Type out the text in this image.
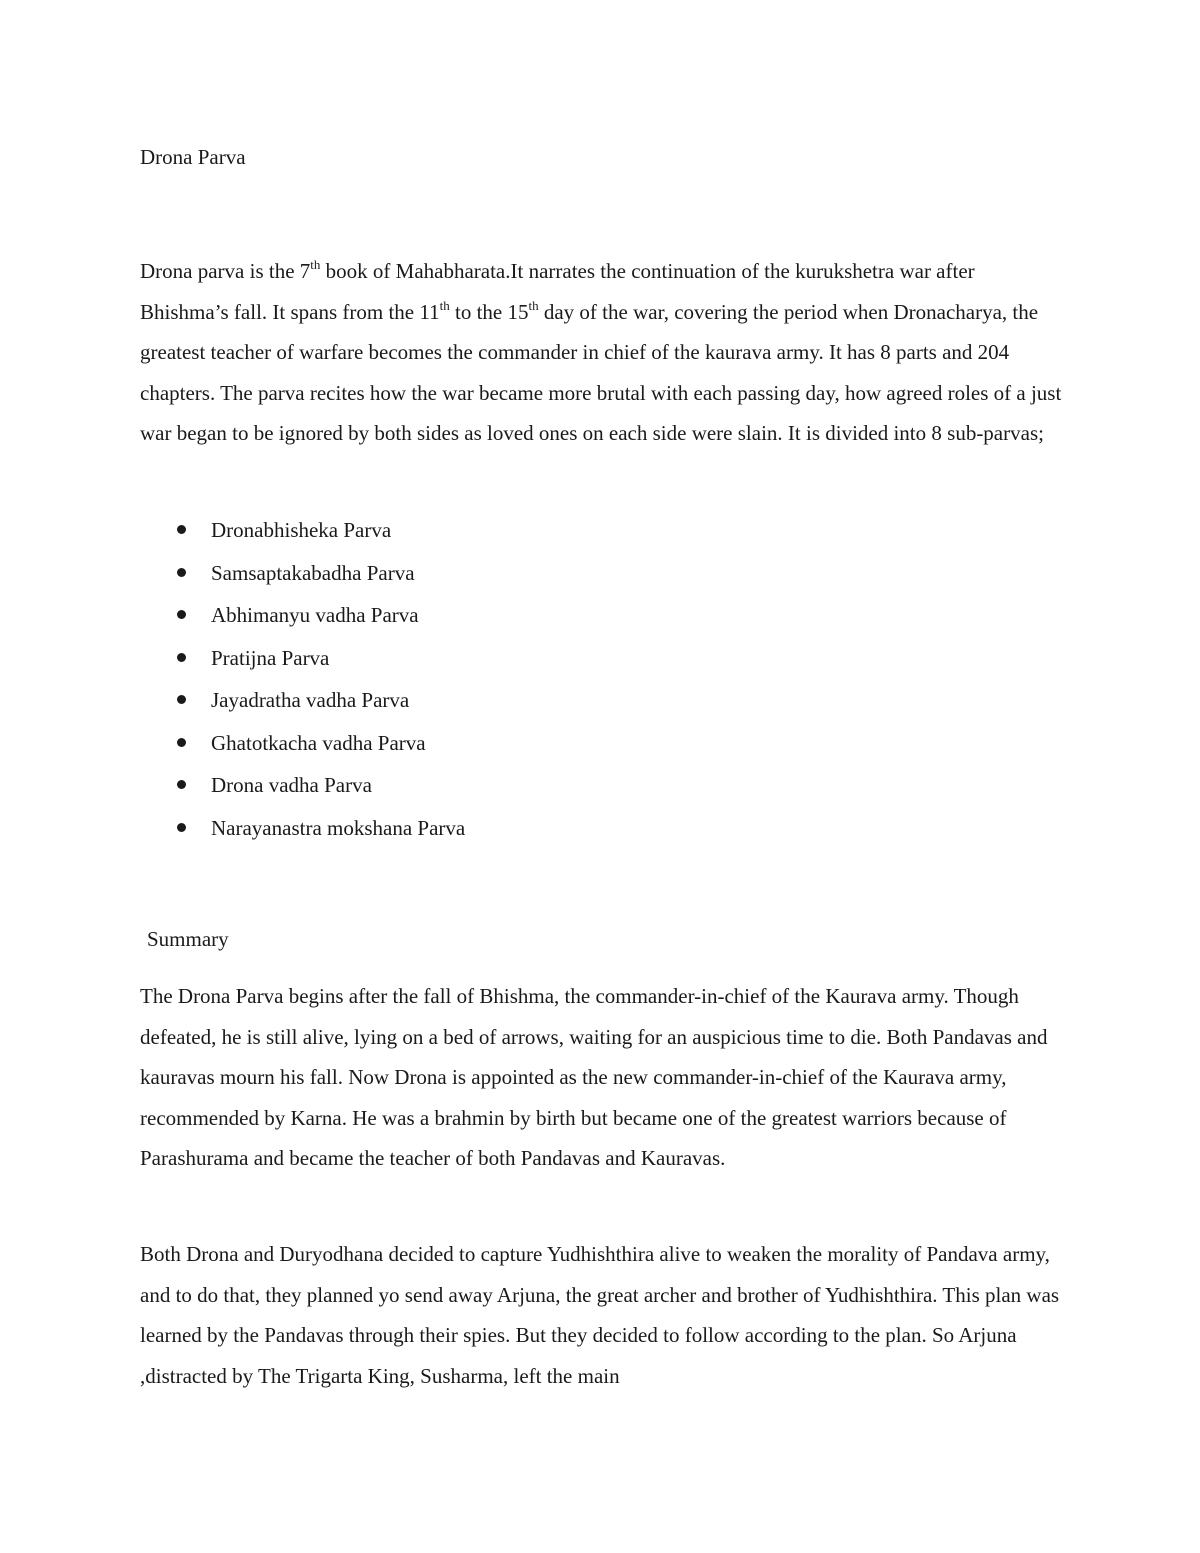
Drona Parva

Drona parva is the 7th book of Mahabharata.It narrates the continuation of the kurukshetra war after Bhishma’s fall. It spans from the 11th to the 15th day of the war, covering the period when Dronacharya, the greatest teacher of warfare becomes the commander in chief of the kaurava army. It has 8 parts and 204 chapters. The parva recites how the war became more brutal with each passing day, how agreed roles of a just war began to be ignored by both sides as loved ones on each side were slain. It is divided into 8 sub-parvas;

Dronabhisheka Parva
Samsaptakabadha Parva
Abhimanyu vadha Parva
Pratijna Parva
Jayadratha vadha Parva
Ghatotkacha vadha Parva
Drona vadha Parva
Narayanastra mokshana Parva
Summary

The Drona Parva begins after the fall of Bhishma, the commander-in-chief of the Kaurava army. Though defeated, he is still alive, lying on a bed of arrows, waiting for an auspicious time to die. Both Pandavas and kauravas mourn his fall. Now Drona is appointed as the new commander-in-chief of the Kaurava army, recommended by Karna. He was a brahmin by birth but became one of the greatest warriors because of Parashurama and became the teacher of both Pandavas and Kauravas.

Both Drona and Duryodhana decided to capture Yudhishthira alive to weaken the morality of Pandava army, and to do that, they planned yo send away Arjuna, the great archer and brother of Yudhishthira. This plan was learned by the Pandavas through their spies. But they decided to follow according to the plan. So Arjuna ,distracted by The Trigarta King, Susharma, left the main
